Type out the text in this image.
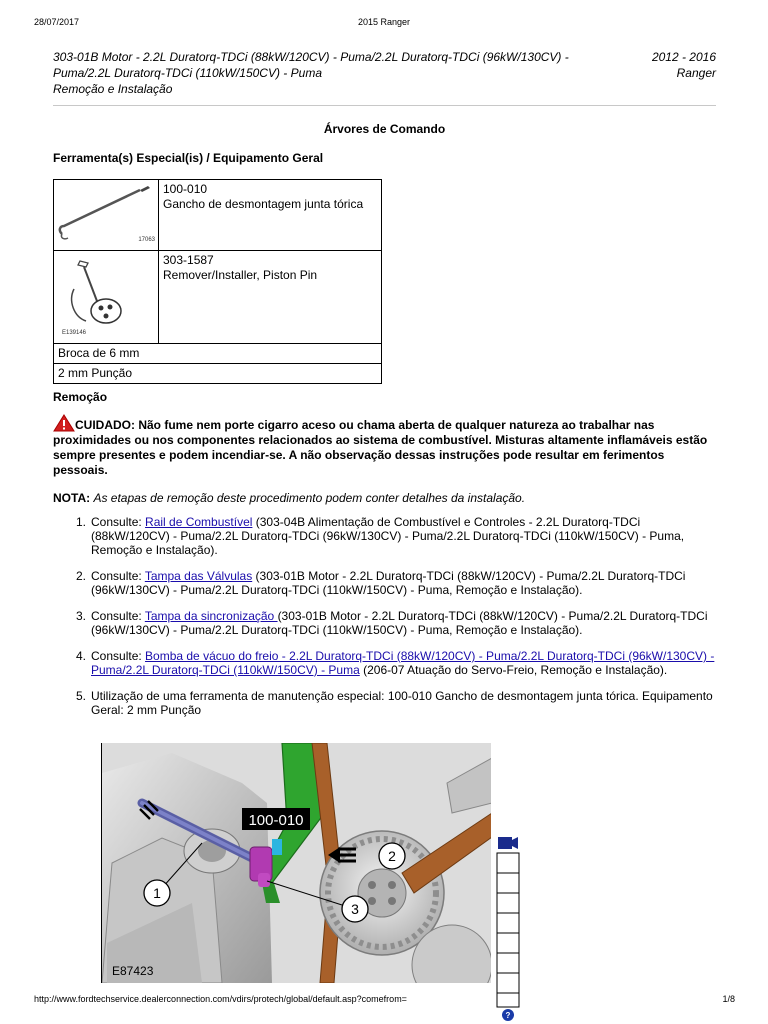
28/07/2017	2015 Ranger
303-01B Motor - 2.2L Duratorq-TDCi (88kW/120CV) - Puma/2.2L Duratorq-TDCi (96kW/130CV) -
Puma/2.2L Duratorq-TDCi (110kW/150CV) - Puma
Remoção e Instalação
2012 - 2016
Ranger
Árvores de Comando
Ferramenta(s) Especial(is) / Equipamento Geral
17063	100-010
Gancho de desmontagem junta tórica

E139146	303-1587
Remover/Installer, Piston Pin

Broca de 6 mm	
2 mm Punção	
Remoção
CUIDADO: Não fume nem porte cigarro aceso ou chama aberta de qualquer natureza ao trabalhar nas proximidades ou nos componentes relacionados ao sistema de combustível. Misturas altamente inflamáveis estão sempre presentes e podem incendiar-se. A não observação dessas instruções pode resultar em ferimentos pessoais.
NOTA: As etapas de remoção deste procedimento podem conter detalhes da instalação.
1. Consulte: Rail de Combustível (303-04B Alimentação de Combustível e Controles - 2.2L Duratorq-TDCi (88kW/120CV) - Puma/2.2L Duratorq-TDCi (96kW/130CV) - Puma/2.2L Duratorq-TDCi (110kW/150CV) - Puma, Remoção e Instalação).
2. Consulte: Tampa das Válvulas (303-01B Motor - 2.2L Duratorq-TDCi (88kW/120CV) - Puma/2.2L Duratorq-TDCi (96kW/130CV) - Puma/2.2L Duratorq-TDCi (110kW/150CV) - Puma, Remoção e Instalação).
3. Consulte: Tampa da sincronização (303-01B Motor - 2.2L Duratorq-TDCi (88kW/120CV) - Puma/2.2L Duratorq-TDCi (96kW/130CV) - Puma/2.2L Duratorq-TDCi (110kW/150CV) - Puma, Remoção e Instalação).
4. Consulte: Bomba de vácuo do freio - 2.2L Duratorq-TDCi (88kW/120CV) - Puma/2.2L Duratorq-TDCi (96kW/130CV) - Puma/2.2L Duratorq-TDCi (110kW/150CV) - Puma (206-07 Atuação do Servo-Freio, Remoção e Instalação).
5. Utilização de uma ferramenta de manutenção especial: 100-010 Gancho de desmontagem junta tórica. Equipamento Geral: 2 mm Punção
100-010
1
2
3
E87423
?
http://www.fordtechservice.dealerconnection.com/vdirs/protech/global/default.asp?comefrom=	1/8
